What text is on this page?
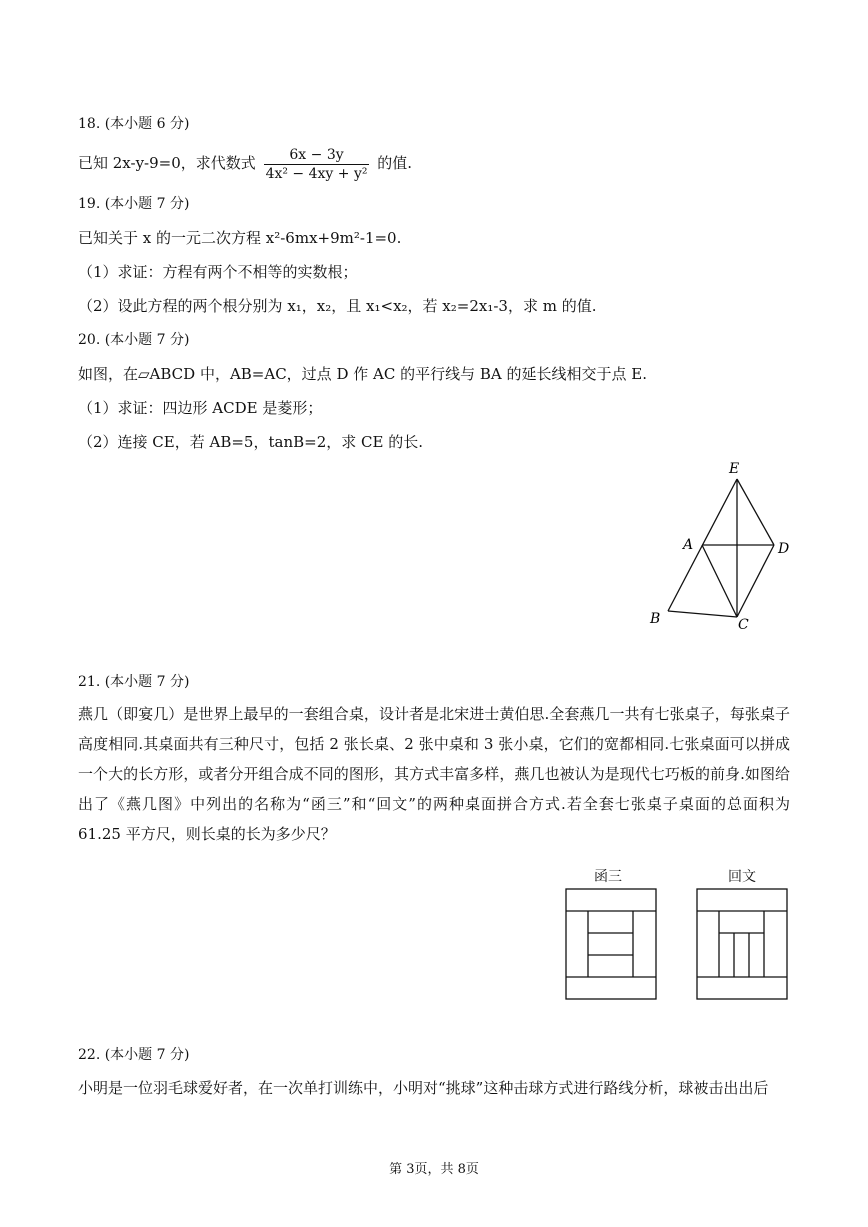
18. (本小题 6 分)
已知 2x-y-9=0，求代数式 $\frac{6x - 3y}{\text{4x² − 4xy + y²}}$ 的值.
19. (本小题 7 分)
已知关于 x 的一元二次方程 x²-6mx+9m²-1=0.
（1）求证：方程有两个不相等的实数根；
（2）设此方程的两个根分别为 x₁，x₂，且 x₁<x₂，若 x₂=2x₁-3，求 m 的值.
20. (本小题 7 分)
如图，在▱ABCD 中，AB=AC，过点 D 作 AC 的平行线与 BA 的延长线相交于点 E.
（1）求证：四边形 ACDE 是菱形；
（2）连接 CE，若 AB=5，tanB=2，求 CE 的长.
E
A	D
B	C
21. (本小题 7 分)
燕几（即宴几）是世界上最早的一套组合桌，设计者是北宋进士黄伯思.全套燕几一共有七张桌子，每张桌子高度相同.其桌面共有三种尺寸，包括 2 张长桌、2 张中桌和 3 张小桌，它们的宽都相同.七张桌面可以拼成一个大的长方形，或者分开组合成不同的图形，其方式丰富多样，燕几也被认为是现代七巧板的前身.如图给出了《燕几图》中列出的名称为“函三”和“回文”的两种桌面拼合方式.若全套七张桌子桌面的总面积为 61.25 平方尺，则长桌的长为多少尺？
函三	回文
22. (本小题 7 分)
小明是一位羽毛球爱好者，在一次单打训练中，小明对“挑球”这种击球方式进行路线分析，球被击出出后
第 3页，共 8页
